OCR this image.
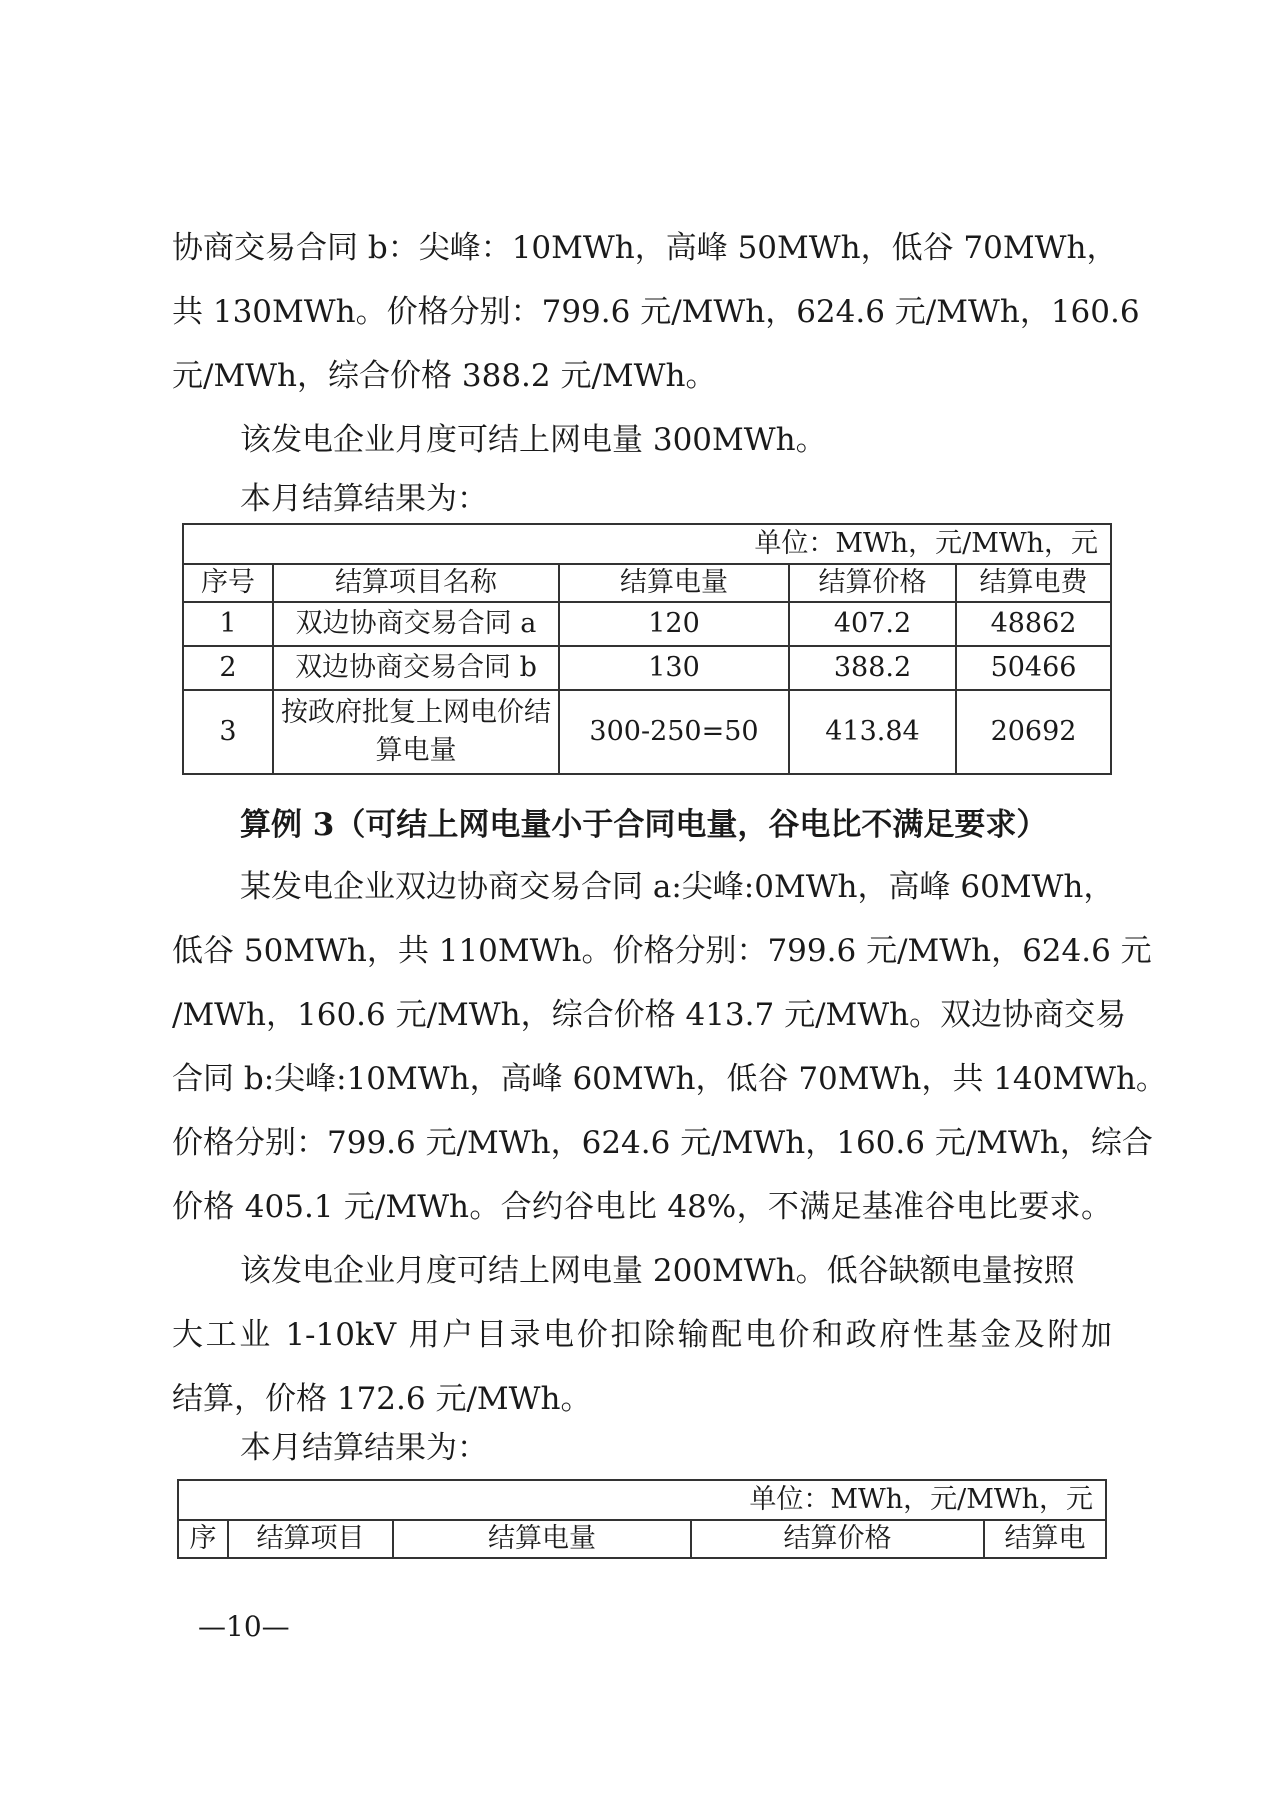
协商交易合同 b：尖峰：10MWh，高峰 50MWh，低谷 70MWh，
共 130MWh。价格分别：799.6 元/MWh，624.6 元/MWh，160.6
元/MWh，综合价格 388.2 元/MWh。
该发电企业月度可结上网电量 300MWh。
本月结算结果为：
单位：MWh，元/MWh，元				
序号	结算项目名称	结算电量	结算价格	结算电费
1	双边协商交易合同 a	120	407.2	48862
2	双边协商交易合同 b	130	388.2	50466
3	按政府批复上网电价结算电量	300-250=50	413.84	20692
算例 3（可结上网电量小于合同电量，谷电比不满足要求）
某发电企业双边协商交易合同 a:尖峰:0MWh，高峰 60MWh，
低谷 50MWh，共 110MWh。价格分别：799.6 元/MWh，624.6 元
/MWh，160.6 元/MWh，综合价格 413.7 元/MWh。双边协商交易
合同 b:尖峰:10MWh，高峰 60MWh，低谷 70MWh，共 140MWh。
价格分别：799.6 元/MWh，624.6 元/MWh，160.6 元/MWh，综合
价格 405.1 元/MWh。合约谷电比 48%，不满足基准谷电比要求。
该发电企业月度可结上网电量 200MWh。低谷缺额电量按照
大工业 1-10kV 用户目录电价扣除输配电价和政府性基金及附加
结算，价格 172.6 元/MWh。
本月结算结果为：
单位：MWh，元/MWh，元
序	结算项目	结算电量	结算价格	结算电
—10—
